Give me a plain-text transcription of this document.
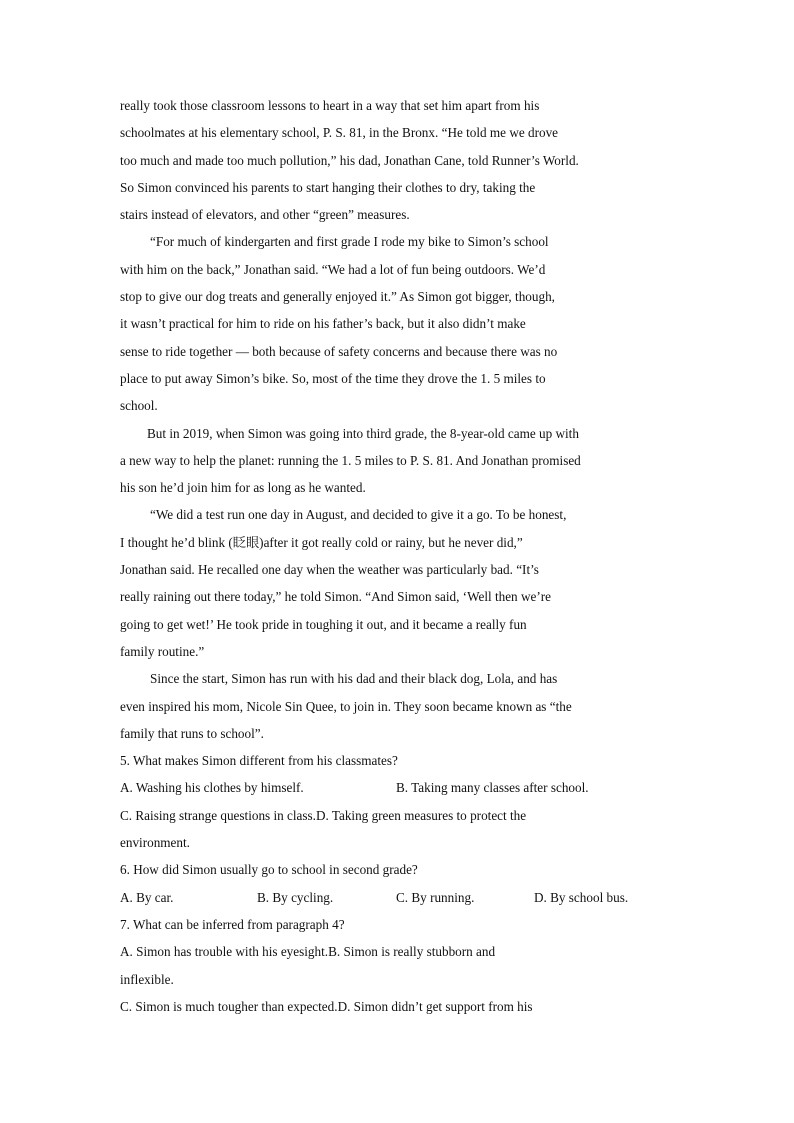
really took those classroom lessons to heart in a way that set him apart from his
schoolmates at his elementary school, P. S. 81, in the Bronx. “He told me we drove
too much and made too much pollution,” his dad, Jonathan Cane, told Runner’s World.
So Simon convinced his parents to start hanging their clothes to dry, taking the
stairs instead of elevators, and other “green” measures.
“For much of kindergarten and first grade I rode my bike to Simon’s school
with him on the back,” Jonathan said. “We had a lot of fun being outdoors. We’d
stop to give our dog treats and generally enjoyed it.” As Simon got bigger, though,
it wasn’t practical for him to ride on his father’s back, but it also didn’t make
sense to ride together — both because of safety concerns and because there was no
place to put away Simon’s bike. So, most of the time they drove the 1. 5 miles to
school.
But in 2019, when Simon was going into third grade, the 8-year-old came up with
a new way to help the planet: running the 1. 5 miles to P. S. 81. And Jonathan promised
his son he’d join him for as long as he wanted.
“We did a test run one day in August, and decided to give it a go. To be honest,
I thought he’d blink (眨眼)after it got really cold or rainy, but he never did,”
Jonathan said. He recalled one day when the weather was particularly bad. “It’s
really raining out there today,” he told Simon. “And Simon said, ‘Well then we’re
going to get wet!’ He took pride in toughing it out, and it became a really fun
family routine.”
Since the start, Simon has run with his dad and their black dog, Lola, and has
even inspired his mom, Nicole Sin Quee, to join in. They soon became known as “the
family that runs to school”.
5. What makes Simon different from his classmates?
A. Washing his clothes by himself.	B. Taking many classes after school.
C. Raising strange questions in class. D. Taking green measures to protect the
environment.
6. How did Simon usually go to school in second grade?
A. By car.	B. By cycling.	C. By running.	D. By school bus.
7. What can be inferred from paragraph 4?
A. Simon has trouble with his eyesight. B. Simon is really stubborn and
inflexible.
C. Simon is much tougher than expected. D. Simon didn’t get support from his
